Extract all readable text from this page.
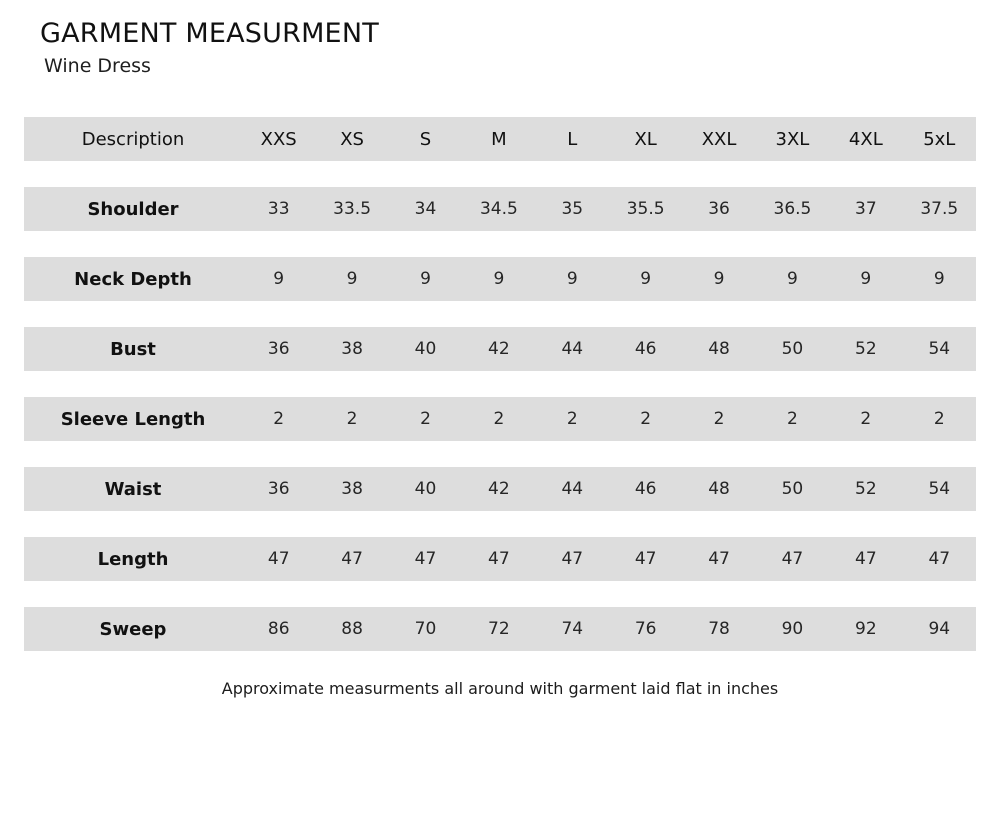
GARMENT MEASURMENT
Wine Dress
Description	XXS	XS	S	M	L	XL	XXL	3XL	4XL	5xL
Shoulder	33	33.5	34	34.5	35	35.5	36	36.5	37	37.5
Neck Depth	9	9	9	9	9	9	9	9	9	9
Bust	36	38	40	42	44	46	48	50	52	54
Sleeve Length	2	2	2	2	2	2	2	2	2	2
Waist	36	38	40	42	44	46	48	50	52	54
Length	47	47	47	47	47	47	47	47	47	47
Sweep	86	88	70	72	74	76	78	90	92	94
Approximate measurments all around with garment laid flat in inches
